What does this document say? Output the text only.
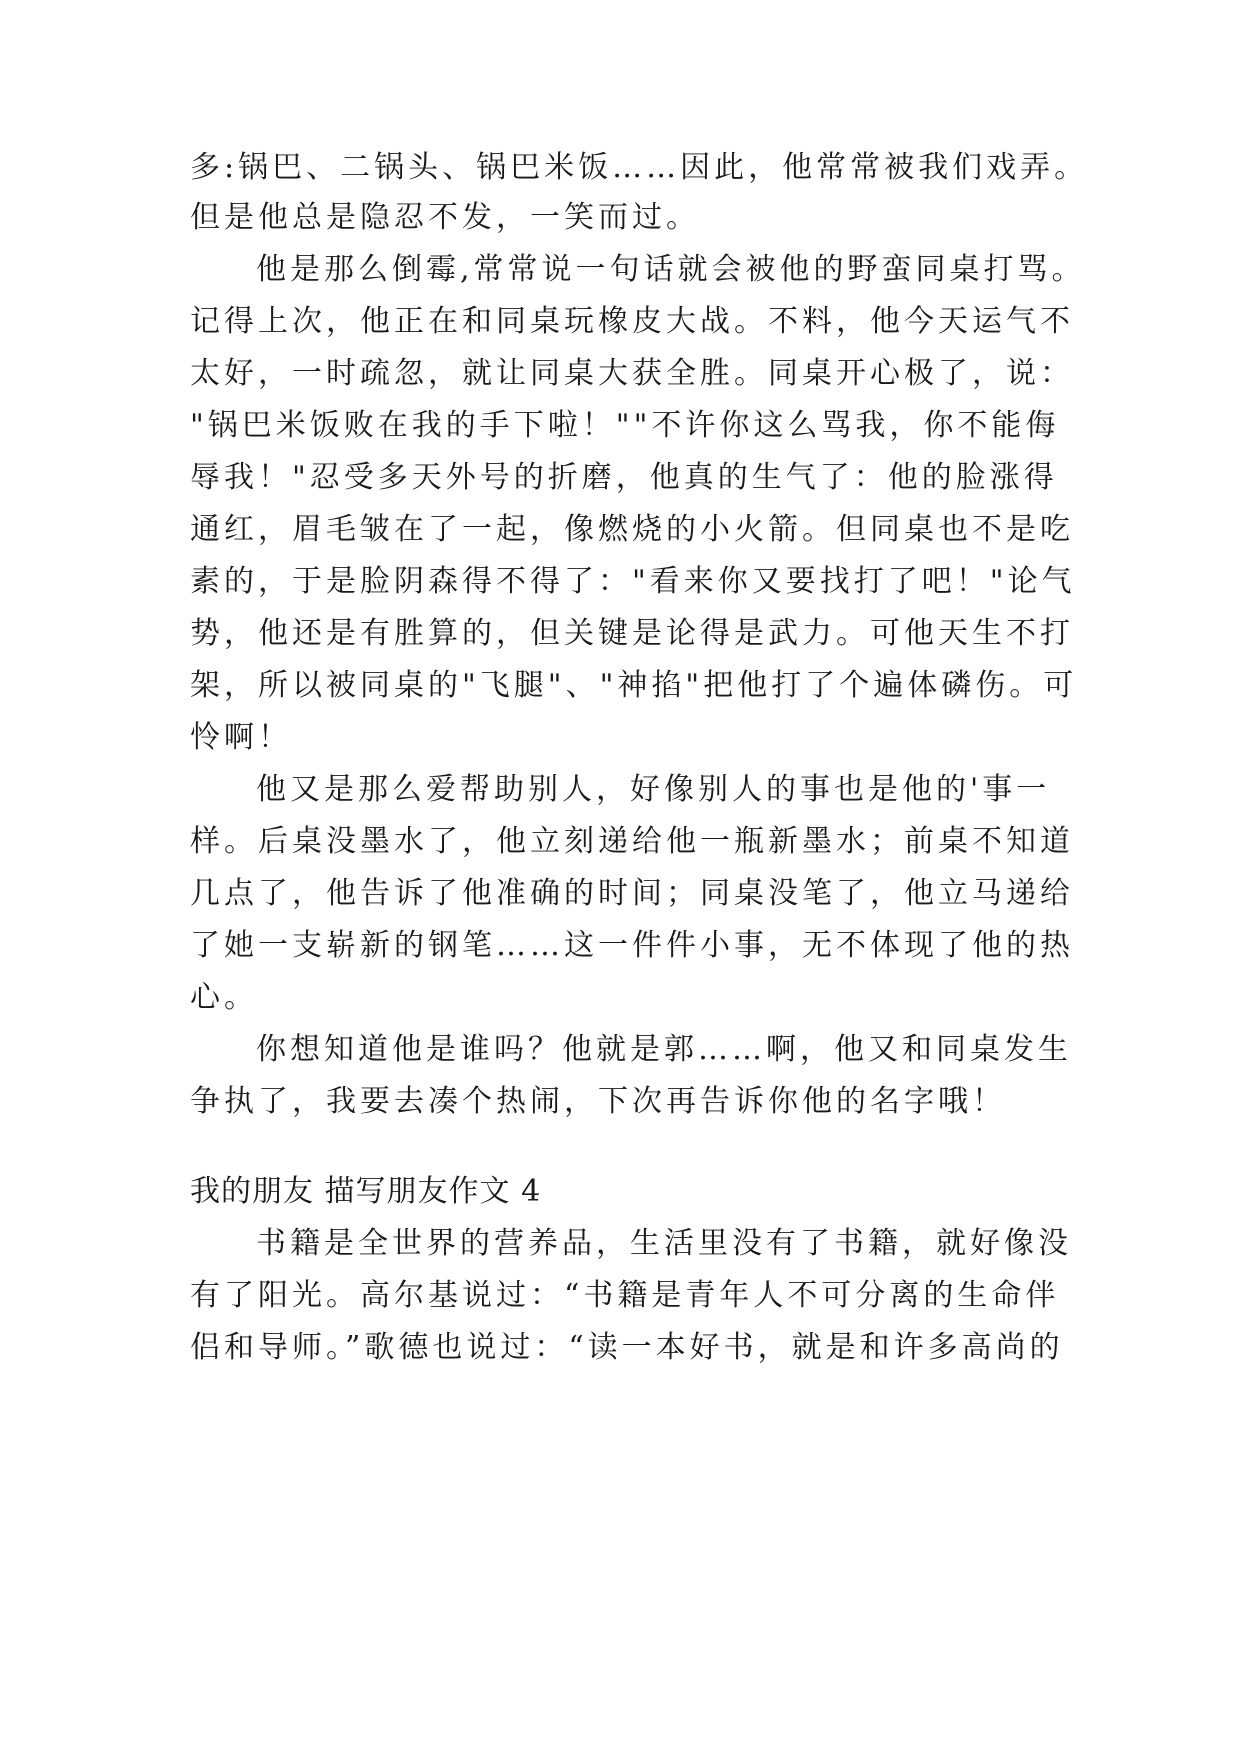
多:锅巴、二锅头、锅巴米饭……因此，他常常被我们戏弄。

但是他总是隐忍不发，一笑而过。

他是那么倒霉,常常说一句话就会被他的野蛮同桌打骂。

记得上次，他正在和同桌玩橡皮大战。不料，他今天运气不

太好，一时疏忽，就让同桌大获全胜。同桌开心极了，说：

"锅巴米饭败在我的手下啦！""不许你这么骂我，你不能侮

辱我！"忍受多天外号的折磨，他真的生气了：他的脸涨得

通红，眉毛皱在了一起，像燃烧的小火箭。但同桌也不是吃

素的，于是脸阴森得不得了："看来你又要找打了吧！"论气

势，他还是有胜算的，但关键是论得是武力。可他天生不打

架，所以被同桌的"飞腿"、"神掐"把他打了个遍体磷伤。可

怜啊！

他又是那么爱帮助别人，好像别人的事也是他的'事一

样。后桌没墨水了，他立刻递给他一瓶新墨水；前桌不知道

几点了，他告诉了他准确的时间；同桌没笔了，他立马递给

了她一支崭新的钢笔……这一件件小事，无不体现了他的热

心。

你想知道他是谁吗？他就是郭……啊，他又和同桌发生

争执了，我要去凑个热闹，下次再告诉你他的名字哦！

我的朋友 描写朋友作文 4

书籍是全世界的营养品，生活里没有了书籍，就好像没

有了阳光。高尔基说过：“书籍是青年人不可分离的生命伴

侣和导师。”歌德也说过：“读一本好书，就是和许多高尚的
